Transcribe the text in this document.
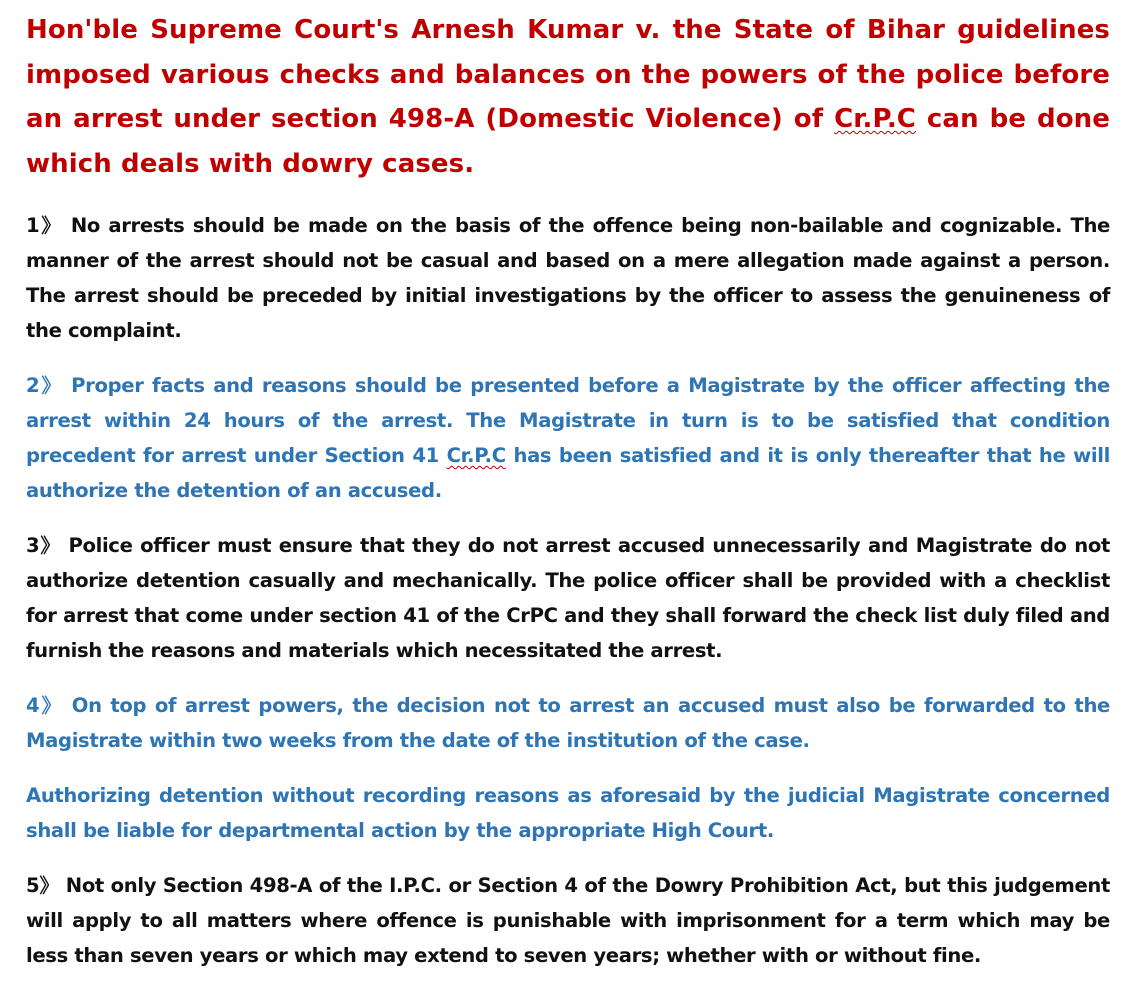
Hon'ble Supreme Court's Arnesh Kumar v. the State of Bihar guidelines imposed various checks and balances on the powers of the police before an arrest under section 498-A (Domestic Violence) of Cr.P.C can be done which deals with dowry cases.

1》 No arrests should be made on the basis of the offence being non-bailable and cognizable. The manner of the arrest should not be casual and based on a mere allegation made against a person. The arrest should be preceded by initial investigations by the officer to assess the genuineness of the complaint.

2》 Proper facts and reasons should be presented before a Magistrate by the officer affecting the arrest within 24 hours of the arrest. The Magistrate in turn is to be satisfied that condition precedent for arrest under Section 41 Cr.P.C has been satisfied and it is only thereafter that he will authorize the detention of an accused.

3》 Police officer must ensure that they do not arrest accused unnecessarily and Magistrate do not authorize detention casually and mechanically. The police officer shall be provided with a checklist for arrest that come under section 41 of the CrPC and they shall forward the check list duly filed and furnish the reasons and materials which necessitated the arrest.

4》 On top of arrest powers, the decision not to arrest an accused must also be forwarded to the Magistrate within two weeks from the date of the institution of the case.

Authorizing detention without recording reasons as aforesaid by the judicial Magistrate concerned shall be liable for departmental action by the appropriate High Court.

5》 Not only Section 498-A of the I.P.C. or Section 4 of the Dowry Prohibition Act, but this judgement will apply to all matters where offence is punishable with imprisonment for a term which may be less than seven years or which may extend to seven years; whether with or without fine.
